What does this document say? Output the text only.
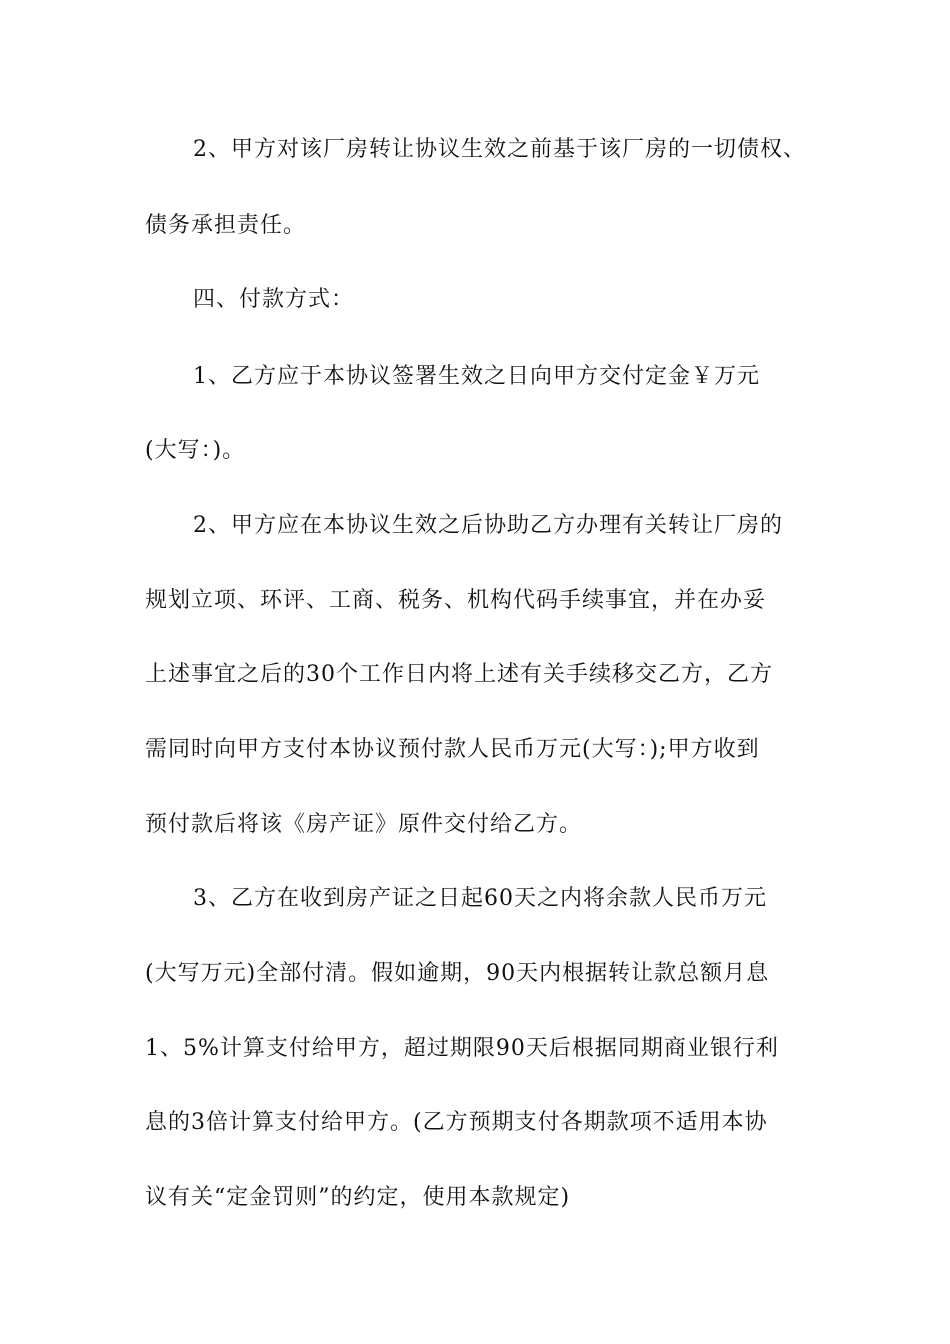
2、甲方对该厂房转让协议生效之前基于该厂房的一切债权、
债务承担责任。
四、付款方式：
1、乙方应于本协议签署生效之日向甲方交付定金￥万元
(大写：)。
2、甲方应在本协议生效之后协助乙方办理有关转让厂房的
规划立项、环评、工商、税务、机构代码手续事宜，并在办妥
上述事宜之后的30个工作日内将上述有关手续移交乙方，乙方
需同时向甲方支付本协议预付款人民币万元(大写：);甲方收到
预付款后将该《房产证》原件交付给乙方。
3、乙方在收到房产证之日起60天之内将余款人民币万元
(大写万元)全部付清。假如逾期，90天内根据转让款总额月息
1、5%计算支付给甲方，超过期限90天后根据同期商业银行利
息的3倍计算支付给甲方。(乙方预期支付各期款项不适用本协
议有关“定金罚则”的约定，使用本款规定)
